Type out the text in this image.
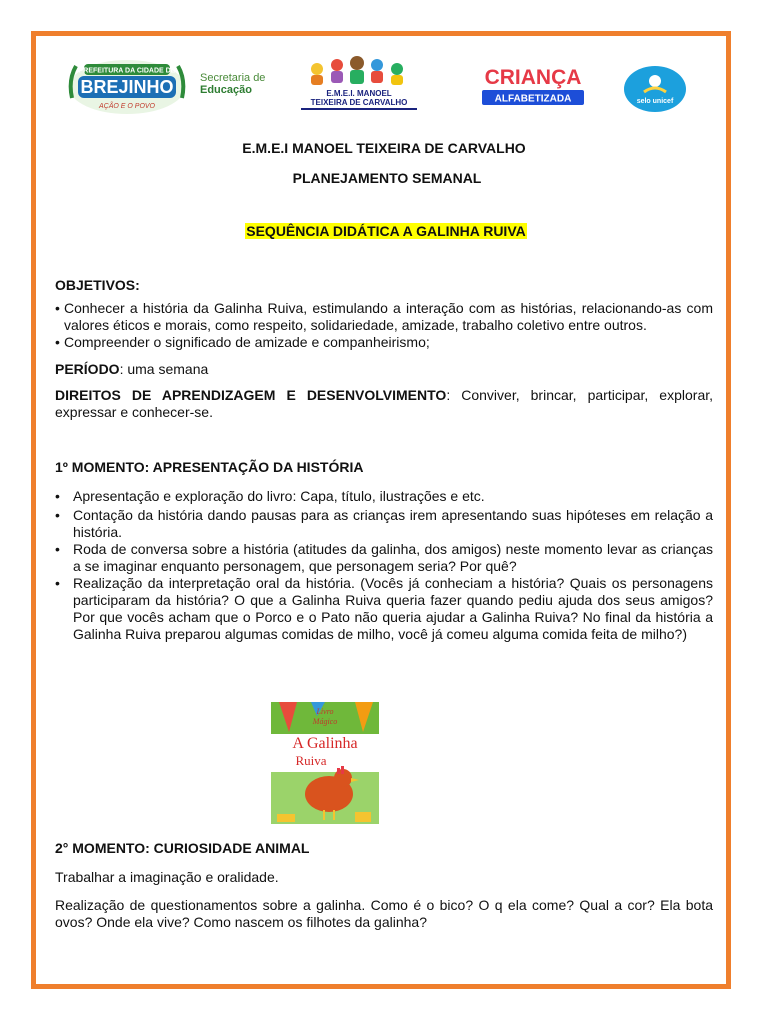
PREFEITURA DA CIDADE DE
BREJINHO
AÇÃO E O POVO
Secretaria de
Educação	E.M.E.I. MANOEL
TEIXEIRA DE CARVALHO
CRIANÇA
ALFABETIZADA	selo unicef

E.M.E.I MANOEL TEIXEIRA DE CARVALHO

PLANEJAMENTO SEMANAL

SEQUÊNCIA DIDÁTICA A GALINHA RUIVA

OBJETIVOS:

• Conhecer a história da Galinha Ruiva, estimulando a interação com as histórias, relacionando-as com valores éticos e morais, como respeito, solidariedade, amizade, trabalho coletivo entre outros.
• Compreender o significado de amizade e companheirismo;

PERÍODO: uma semana

DIREITOS DE APRENDIZAGEM E DESENVOLVIMENTO: Conviver, brincar, participar, explorar, expressar e conhecer-se.

1º MOMENTO: APRESENTAÇÃO DA HISTÓRIA

• Apresentação e exploração do livro: Capa, título, ilustrações e etc.
• Contação da história dando pausas para as crianças irem apresentando suas hipóteses em relação a história.
• Roda de conversa sobre a história (atitudes da galinha, dos amigos) neste momento levar as crianças a se imaginar enquanto personagem, que personagem seria? Por quê?
• Realização da interpretação oral da história. (Vocês já conheciam a história? Quais os personagens participaram da história? O que a Galinha Ruiva queria fazer quando pediu ajuda dos seus amigos? Por que vocês acham que o Porco e o Pato não queria ajudar a Galinha Ruiva? No final da história a Galinha Ruiva preparou algumas comidas de milho, você já comeu alguma comida feita de milho?)
Livro
Mágico
A Galinha
Ruiva

2° MOMENTO: CURIOSIDADE ANIMAL

Trabalhar a imaginação e oralidade.

Realização de questionamentos sobre a galinha. Como é o bico? O q ela come? Qual a cor? Ela bota ovos? Onde ela vive? Como nascem os filhotes da galinha?
